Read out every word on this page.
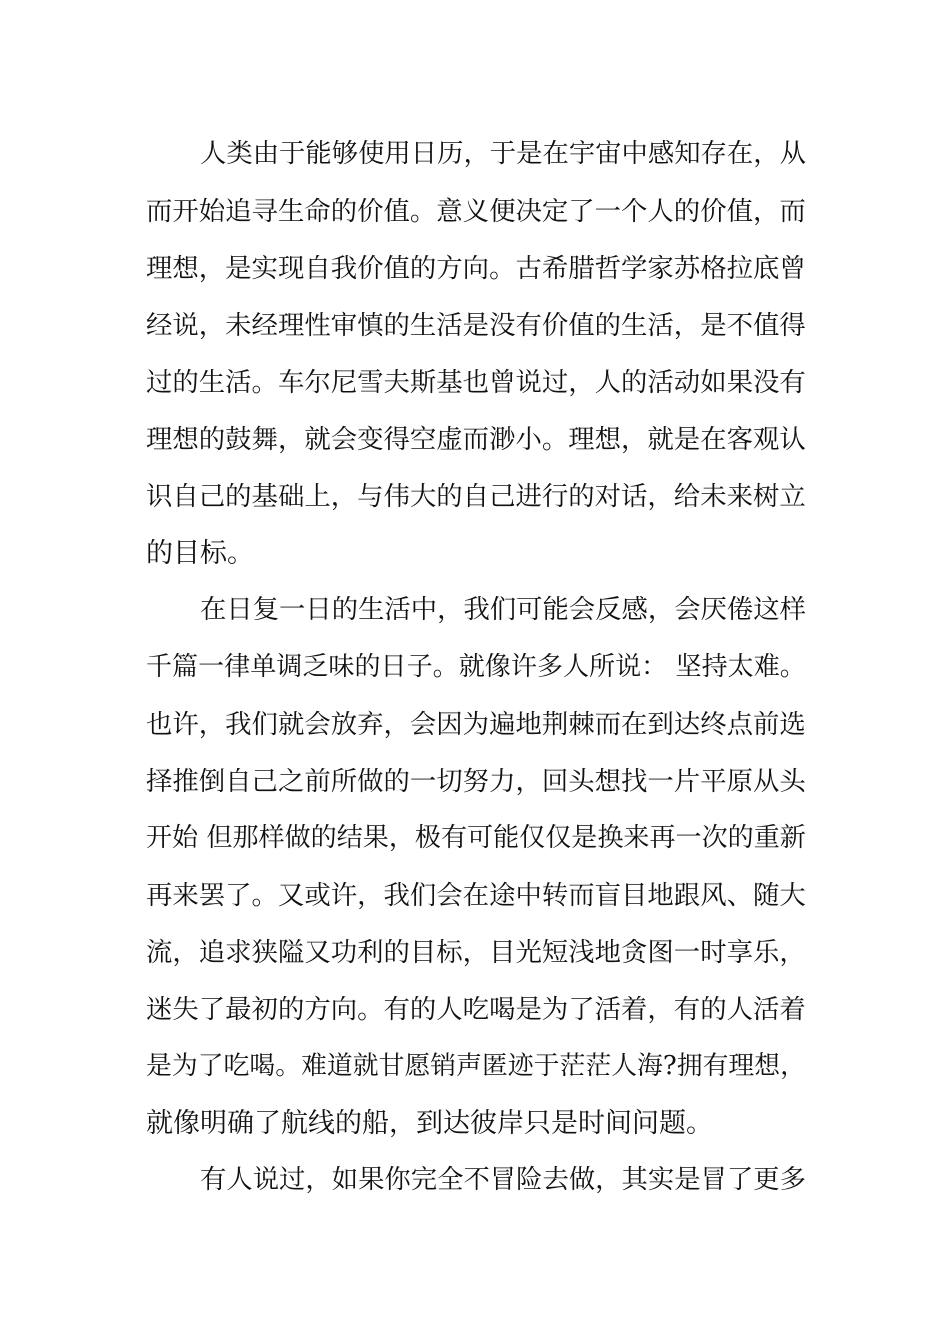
人类由于能够使用日历，于是在宇宙中感知存在，从
而开始追寻生命的价值。意义便决定了一个人的价值，而
理想，是实现自我价值的方向。古希腊哲学家苏格拉底曾
经说，未经理性审慎的生活是没有价值的生活，是不值得
过的生活。车尔尼雪夫斯基也曾说过，人的活动如果没有
理想的鼓舞，就会变得空虚而渺小。理想，就是在客观认
识自己的基础上，与伟大的自己进行的对话，给未来树立
的目标。
在日复一日的生活中，我们可能会反感，会厌倦这样
千篇一律单调乏味的日子。就像许多人所说： 坚持太难。
也许，我们就会放弃，会因为遍地荆棘而在到达终点前选
择推倒自己之前所做的一切努力，回头想找一片平原从头
开始 但那样做的结果，极有可能仅仅是换来再一次的重新
再来罢了。又或许，我们会在途中转而盲目地跟风、随大
流，追求狭隘又功利的目标，目光短浅地贪图一时享乐，
迷失了最初的方向。有的人吃喝是为了活着，有的人活着
是为了吃喝。难道就甘愿销声匿迹于茫茫人海?拥有理想，
就像明确了航线的船，到达彼岸只是时间问题。
有人说过，如果你完全不冒险去做，其实是冒了更多
